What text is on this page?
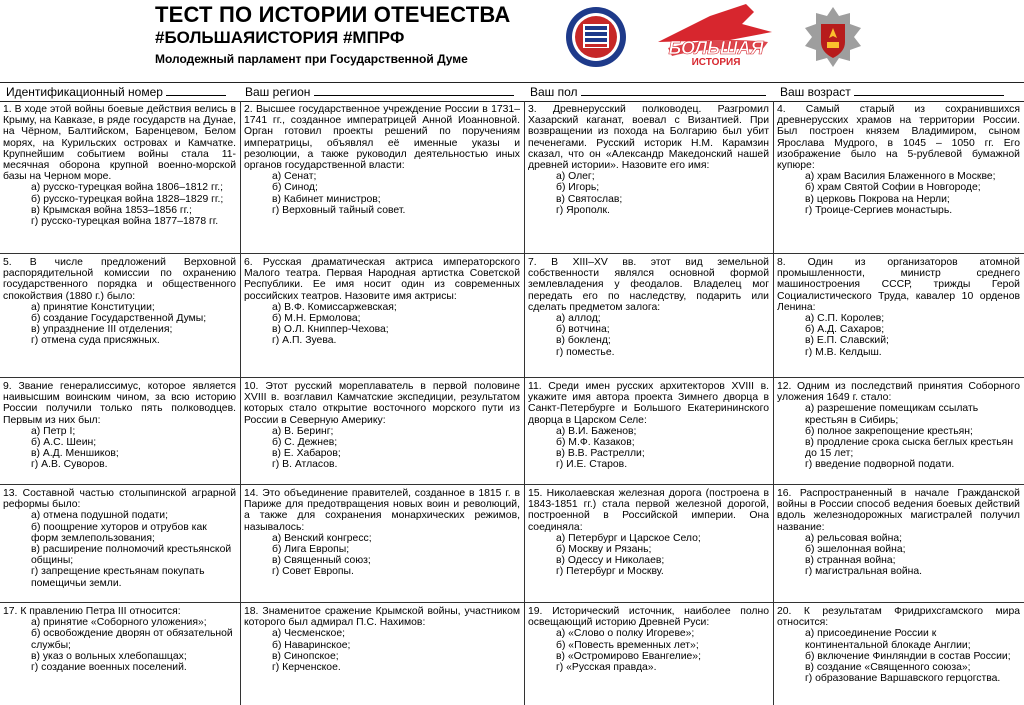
ТЕСТ ПО ИСТОРИИ ОТЕЧЕСТВА
#БОЛЬШАЯИСТОРИЯ #МПРФ
Молодежный парламент при Государственной Думе
БОЛЬШАЯ
ИСТОРИЯ
Идентификационный номер	Ваш регион	Ваш пол	Ваш возраст

1. В ходе этой войны боевые действия велись в Крыму, на Кавказе, в ряде государств на Дунае, на Чёрном, Балтийском, Баренцевом, Белом морях, на Курильских островах и Камчатке. Крупнейшим событием войны стала 11-месячная оборона крупной военно-морской базы на Черном море.

а) русско-турецкая война 1806–1812 гг.;
б) русско-турецкая война 1828–1829 гг.;
в) Крымская война 1853–1856 гг.;
г) русско-турецкая война 1877–1878 гг.

2. Высшее государственное учреждение России в 1731–1741 гг., созданное императрицей Анной Иоанновной. Орган готовил проекты решений по поручениям императрицы, объявлял её именные указы и резолюции, а также руководил деятельностью иных органов государственной власти:

а) Сенат;
б) Синод;
в) Кабинет министров;
г) Верховный тайный совет.

3. Древнерусский полководец. Разгромил Хазарский каганат, воевал с Византией. При возвращении из похода на Болгарию был убит печенегами. Русский историк Н.М. Карамзин сказал, что он «Александр Македонский нашей древней истории». Назовите его имя:

а) Олег;
б) Игорь;
в) Святослав;
г) Ярополк.

4. Самый старый из сохранившихся древнерусских храмов на территории России. Был построен князем Владимиром, сыном Ярослава Мудрого, в 1045 – 1050 гг. Его изображение было на 5-рублевой бумажной купюре:

а) храм Василия Блаженного в Москве;
б) храм Святой Софии в Новгороде;
в) церковь Покрова на Нерли;
г) Троице-Сергиев монастырь.

5. В числе предложений Верховной распорядительной комиссии по охранению государственного порядка и общественного спокойствия (1880 г.) было:

а) принятие Конституции;
б) создание Государственной Думы;
в) упразднение III отделения;
г) отмена суда присяжных.

6. Русская драматическая актриса императорского Малого театра. Первая Народная артистка Советской Республики. Ее имя носит один из современных российских театров. Назовите имя актрисы:

а) В.Ф. Комиссаржевская;
б) М.Н. Ермолова;
в) О.Л. Книппер-Чехова;
г) А.П. Зуева.

7. В XIII–XV вв. этот вид земельной собственности являлся основной формой землевладения у феодалов. Владелец мог передать его по наследству, подарить или сделать предметом залога:

а) аллод;
б) вотчина;
в) бокленд;
г) поместье.

8. Один из организаторов атомной промышленности, министр среднего машиностроения СССР, трижды Герой Социалистического Труда, кавалер 10 орденов Ленина:

а) С.П. Королев;
б) А.Д. Сахаров;
в) Е.П. Славский;
г) М.В. Келдыш.

9. Звание генералиссимус, которое является наивысшим воинским чином, за всю историю России получили только пять полководцев. Первым из них был:

а) Петр I;
б) А.С. Шеин;
в) А.Д. Меншиков;
г) А.В. Суворов.

10. Этот русский мореплаватель в первой половине XVIII в. возглавил Камчатские экспедиции, результатом которых стало открытие восточного морского пути из России в Северную Америку:

а) В. Беринг;
б) С. Дежнев;
в) Е. Хабаров;
г) В. Атласов.

11. Среди имен русских архитекторов XVIII в. укажите имя автора проекта Зимнего дворца в Санкт-Петербурге и Большого Екатерининского дворца в Царском Селе:

а) В.И. Баженов;
б) М.Ф. Казаков;
в) В.В. Растрелли;
г) И.Е. Старов.

12. Одним из последствий принятия Соборного уложения 1649 г. стало:

а) разрешение помещикам ссылать крестьян в Сибирь;
б) полное закрепощение крестьян;
в) продление срока сыска беглых крестьян до 15 лет;
г) введение подворной подати.

13. Составной частью столыпинской аграрной реформы было:

а) отмена подушной подати;
б) поощрение хуторов и отрубов как форм землепользования;
в) расширение полномочий крестьянской общины;
г) запрещение крестьянам покупать помещичьи земли.

14. Это объединение правителей, созданное в 1815 г. в Париже для предотвращения новых воин и революций, а также для сохранения монархических режимов, называлось:

а) Венский конгресс;
б) Лига Европы;
в) Священный союз;
г) Совет Европы.

15. Николаевская железная дорога (построена в 1843-1851 гг.) стала первой железной дорогой, построенной в Российской империи. Она соединяла:

а) Петербург и Царское Село;
б) Москву и Рязань;
в) Одессу и Николаев;
г) Петербург и Москву.

16. Распространенный в начале Гражданской войны в России способ ведения боевых действий вдоль железнодорожных магистралей получил название:

а) рельсовая война;
б) эшелонная война;
в) странная война;
г) магистральная война.

17. К правлению Петра III относится:

а) принятие «Соборного уложения»;
б) освобождение дворян от обязательной службы;
в) указ о вольных хлебопашцах;
г) создание военных поселений.

18. Знаменитое сражение Крымской войны, участником которого был адмирал П.С. Нахимов:

а) Чесменское;
б) Наваринское;
в) Синопское;
г) Керченское.

19. Исторический источник, наиболее полно освещающий историю Древней Руси:

а) «Слово о полку Игореве»;
б) «Повесть временных лет»;
в) «Остромирово Евангелие»;
г) «Русская правда».

20. К результатам Фридрихсгамского мира относится:

а) присоединение России к континентальной блокаде Англии;
б) включение Финляндии в состав России;
в) создание «Священного союза»;
г) образование Варшавского герцогства.
